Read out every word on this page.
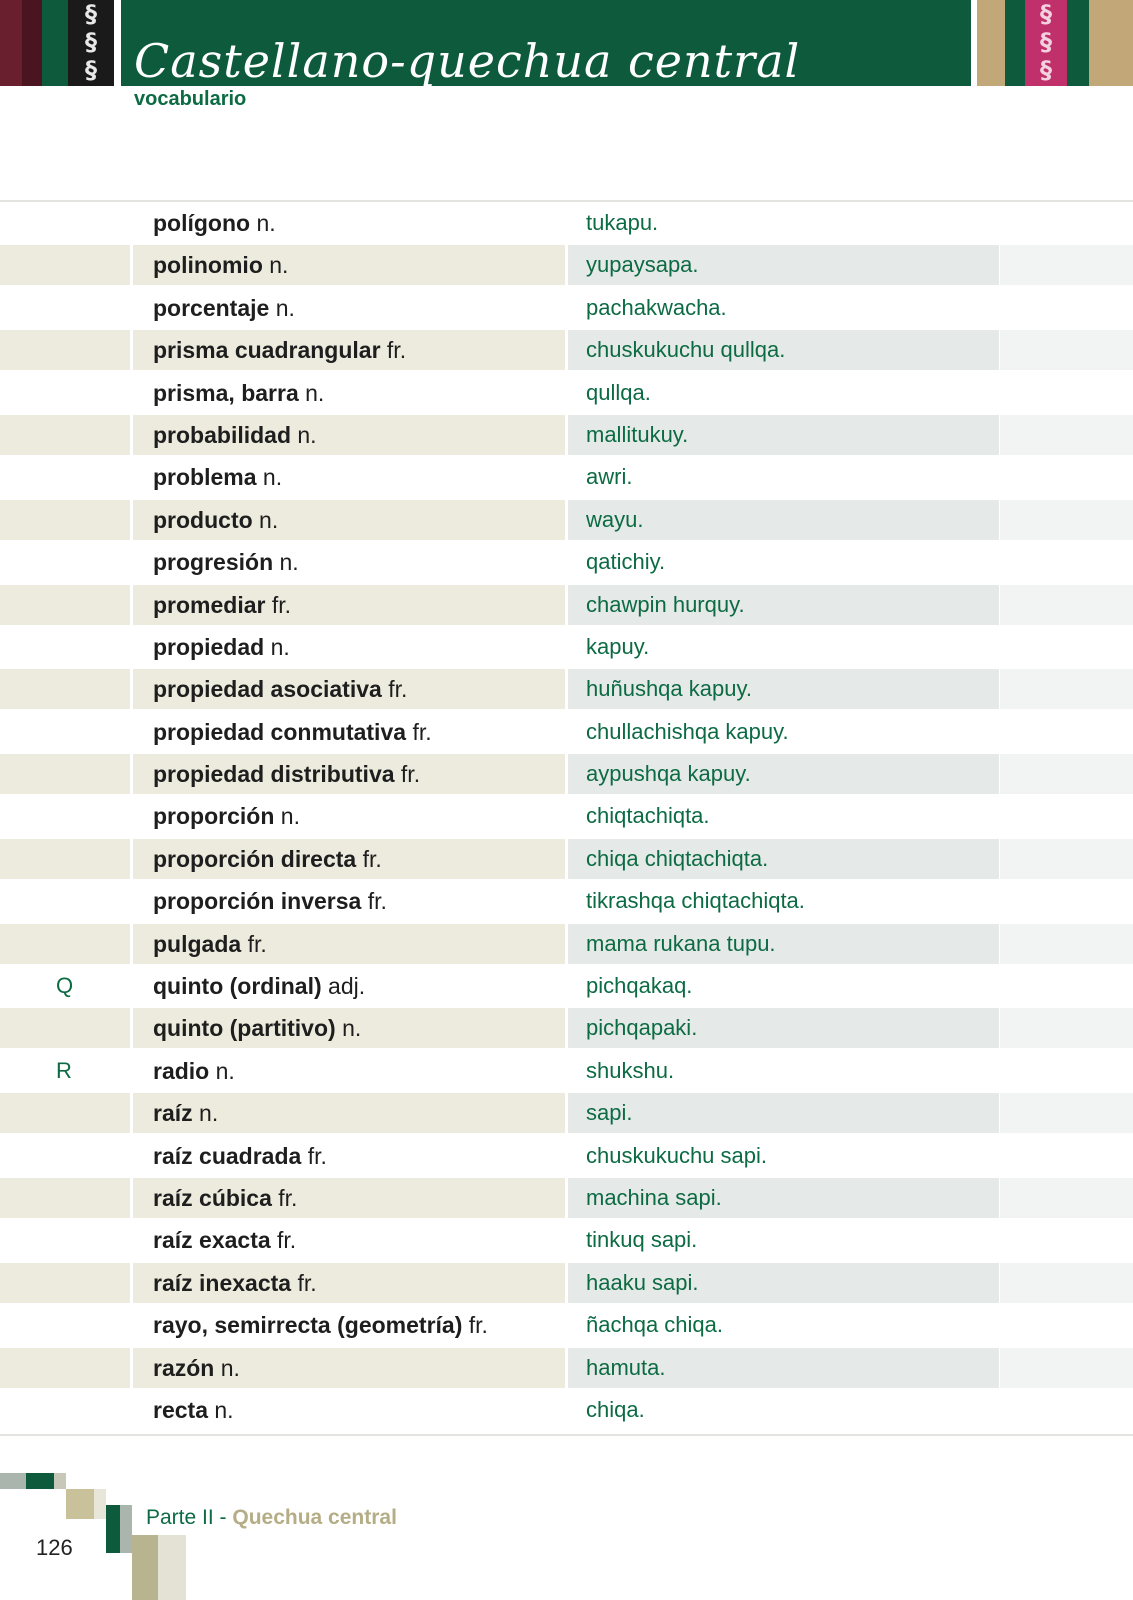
§
§
§
§
§
§
Castellano-quechua central
vocabulario
polígono n.	tukapu.
polinomio n.	yupaysapa.
porcentaje n.	pachakwacha.
prisma cuadrangular fr.	chuskukuchu qullqa.
prisma, barra n.	qullqa.
probabilidad n.	mallitukuy.
problema n.	awri.
producto n.	wayu.
progresión n.	qatichiy.
promediar fr.	chawpin hurquy.
propiedad n.	kapuy.
propiedad asociativa fr.	huñushqa kapuy.
propiedad conmutativa fr.	chullachishqa kapuy.
propiedad distributiva fr.	aypushqa kapuy.
proporción n.	chiqtachiqta.
proporción directa fr.	chiqa chiqtachiqta.
proporción inversa fr.	tikrashqa chiqtachiqta.
pulgada fr.	mama rukana tupu.
Q	quinto (ordinal) adj.	pichqakaq.
quinto (partitivo) n.	pichqapaki.
R	radio n.	shukshu.
raíz n.	sapi.
raíz cuadrada fr.	chuskukuchu sapi.
raíz cúbica fr.	machina sapi.
raíz exacta fr.	tinkuq sapi.
raíz inexacta fr.	haaku sapi.
rayo, semirrecta (geometría) fr.	ñachqa chiqa.
razón n.	hamuta.
recta n.	chiqa.
Parte II - Quechua central
126
